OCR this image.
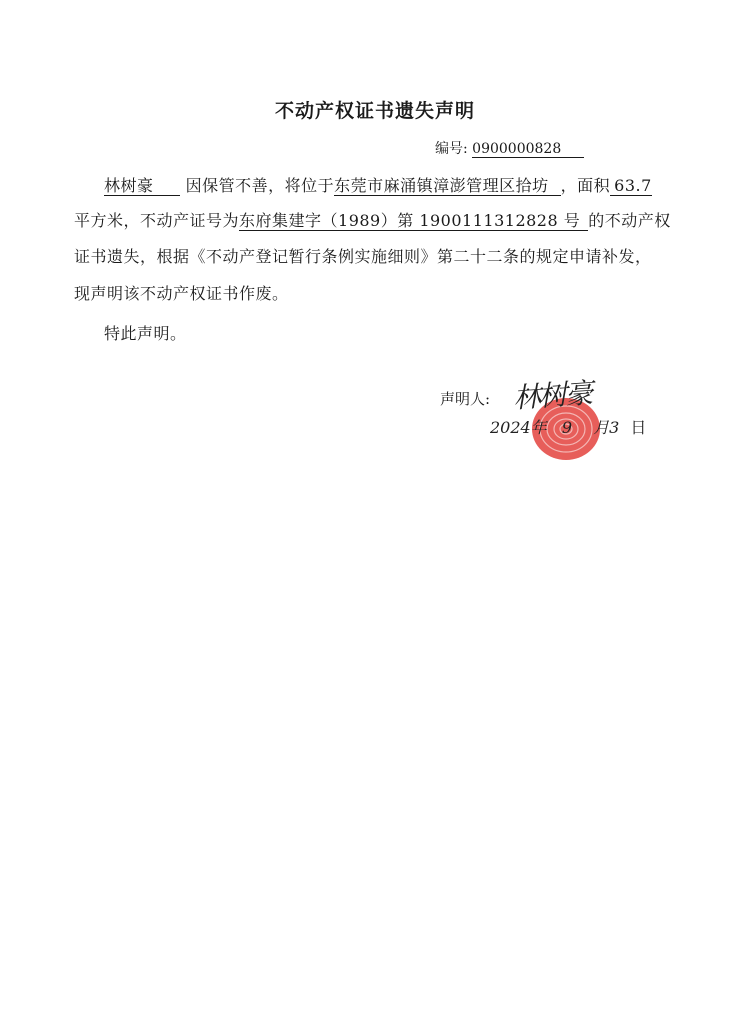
不动产权证书遗失声明
编号: 0900000828
林树豪 因保管不善，将位于东莞市麻涌镇漳澎管理区拾坊 ，面积 63.7
平方米，不动产证号为东府集建字（1989）第 1900111312828 号 的不动产权
证书遗失，根据《不动产登记暂行条例实施细则》第二十二条的规定申请补发，
现声明该不动产权证书作废。
特此声明。
声明人: 林树豪
2024年 9 月3 日
